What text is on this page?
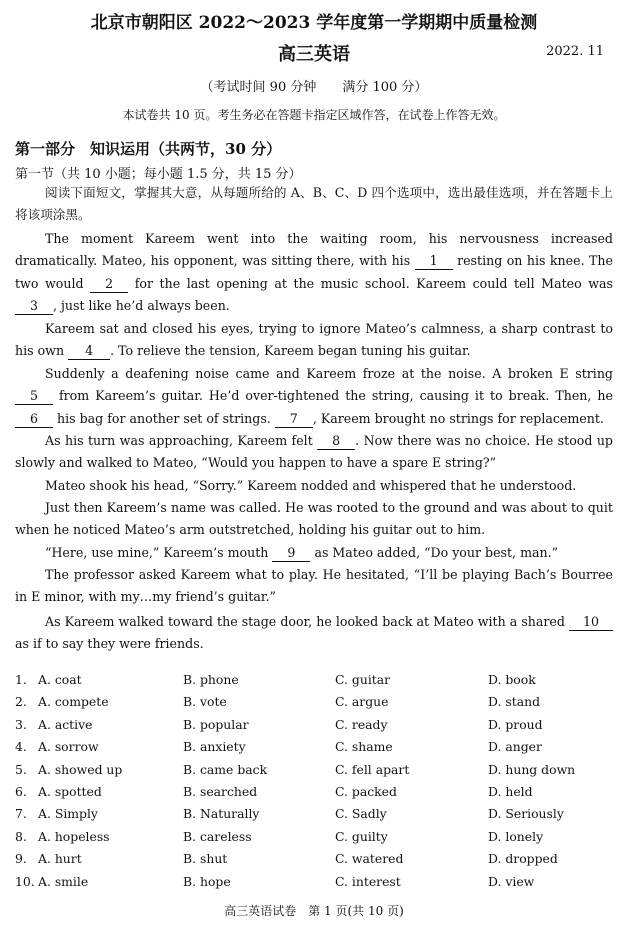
北京市朝阳区 2022～2023 学年度第一学期期中质量检测
高三英语	2022. 11
（考试时间 90 分钟　　满分 100 分）
本试卷共 10 页。考生务必在答题卡指定区域作答，在试卷上作答无效。
第一部分　知识运用（共两节，30 分）
第一节（共 10 小题；每小题 1.5 分，共 15 分）
阅读下面短文，掌握其大意，从每题所给的 A、B、C、D 四个选项中，选出最佳选项，并在答题卡上将该项涂黑。
The moment Kareem went into the waiting room, his nervousness increased dramatically. Mateo, his opponent, was sitting there, with his 1 resting on his knee. The two would 2 for the last opening at the music school. Kareem could tell Mateo was 3 , just like he’d always been.
Kareem sat and closed his eyes, trying to ignore Mateo’s calmness, a sharp contrast to his own 4 . To relieve the tension, Kareem began tuning his guitar.
Suddenly a deafening noise came and Kareem froze at the noise. A broken E string 5 from Kareem’s guitar. He’d over-tightened the string, causing it to break. Then, he 6 his bag for another set of strings. 7 , Kareem brought no strings for replacement.
As his turn was approaching, Kareem felt 8 . Now there was no choice. He stood up slowly and walked to Mateo, “Would you happen to have a spare E string?”
Mateo shook his head, “Sorry.” Kareem nodded and whispered that he understood.
Just then Kareem’s name was called. He was rooted to the ground and was about to quit when he noticed Mateo’s arm outstretched, holding his guitar out to him.
“Here, use mine,” Kareem’s mouth 9 as Mateo added, “Do your best, man.”
The professor asked Kareem what to play. He hesitated, “I’ll be playing Bach’s Bourree in E minor, with my…my friend’s guitar.”
As Kareem walked toward the stage door, he looked back at Mateo with a shared 10 as if to say they were friends.
1. A. coat	B. phone	C. guitar	D. book
2. A. compete	B. vote	C. argue	D. stand
3. A. active	B. popular	C. ready	D. proud
4. A. sorrow	B. anxiety	C. shame	D. anger
5. A. showed up	B. came back	C. fell apart	D. hung down
6. A. spotted	B. searched	C. packed	D. held
7. A. Simply	B. Naturally	C. Sadly	D. Seriously
8. A. hopeless	B. careless	C. guilty	D. lonely
9. A. hurt	B. shut	C. watered	D. dropped
10. A. smile	B. hope	C. interest	D. view
高三英语试卷　第 1 页(共 10 页)
